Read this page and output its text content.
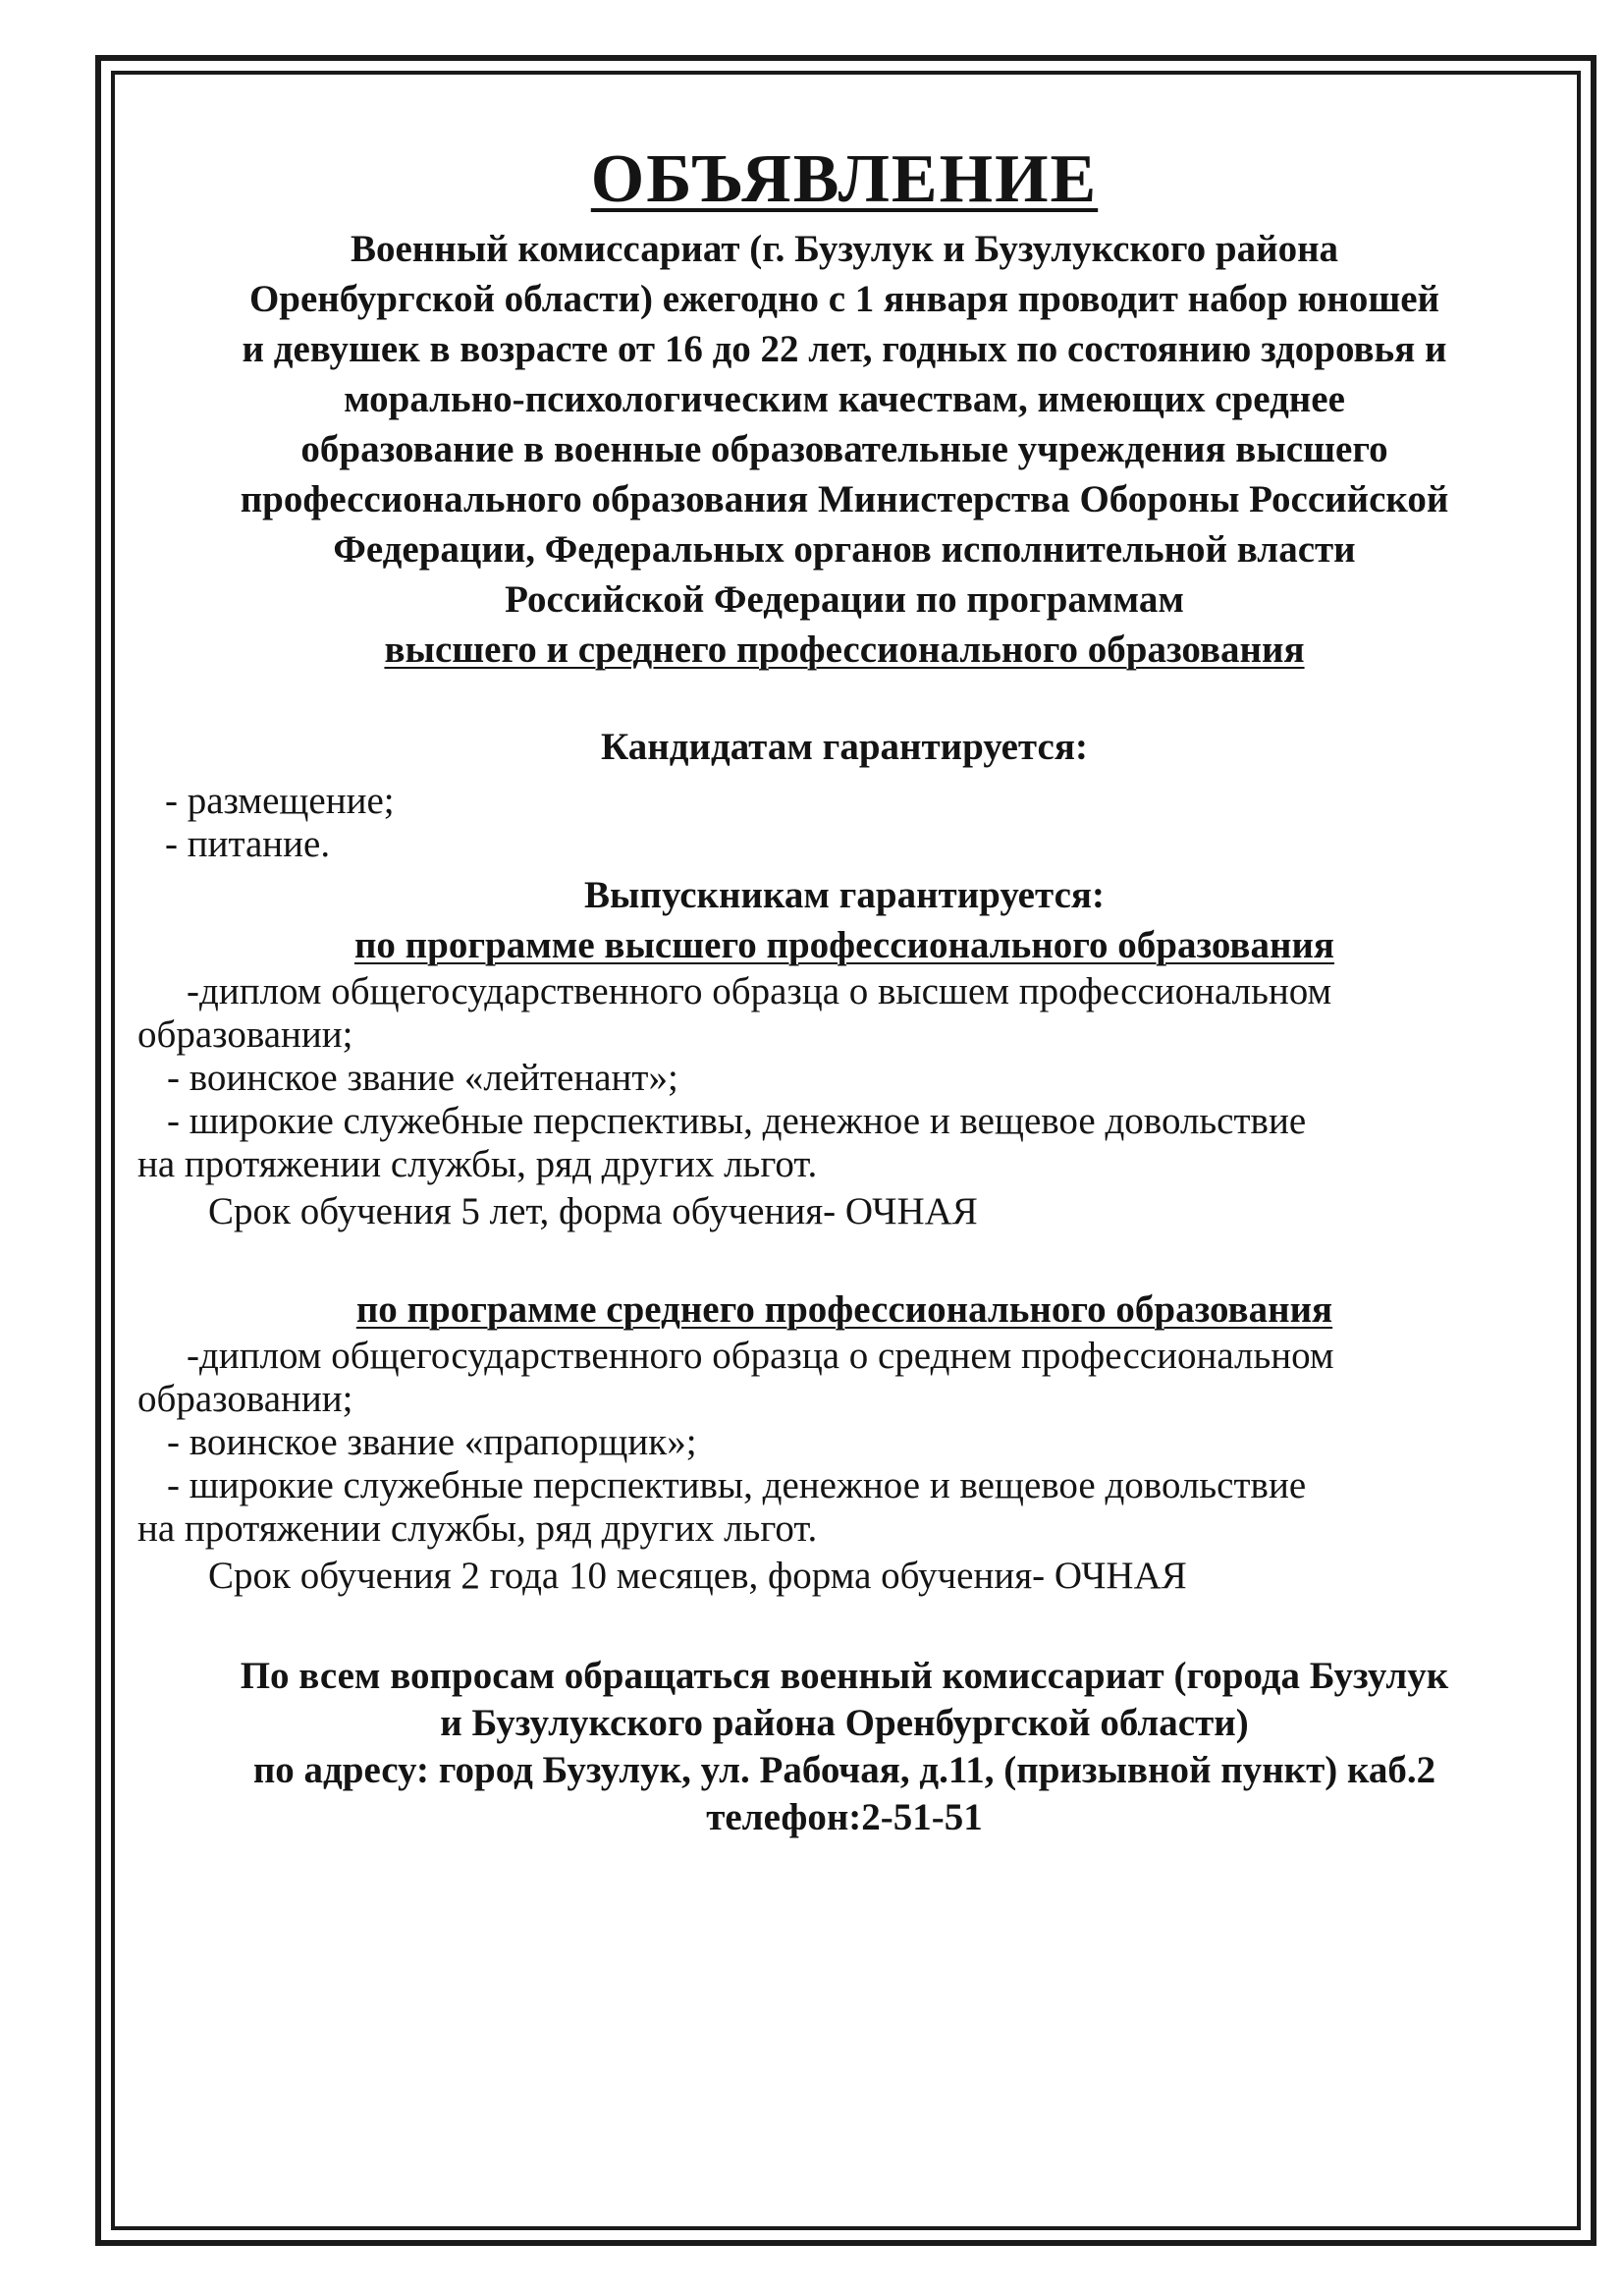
ОБЪЯВЛЕНИЕ

Военный комиссариат (г. Бузулук и Бузулукского района

Оренбургской области) ежегодно с 1 января проводит набор юношей

и девушек в возрасте от 16 до 22 лет, годных по состоянию здоровья и

морально-психологическим качествам, имеющих среднее

образование в военные образовательные учреждения высшего

профессионального образования Министерства Обороны Российской

Федерации, Федеральных органов исполнительной власти

Российской Федерации по программам

высшего и среднего профессионального образования

Кандидатам гарантируется:

- размещение;

- питание.

Выпускникам гарантируется:
по программе высшего профессионального образования

-диплом общегосударственного образца о высшем профессиональном

образовании;

- воинское звание «лейтенант»;

- широкие служебные перспективы, денежное и вещевое довольствие

на протяжении службы, ряд других льгот.

Срок обучения 5 лет, форма обучения- ОЧНАЯ

по программе среднего профессионального образования

-диплом общегосударственного образца о среднем профессиональном

образовании;

- воинское звание «прапорщик»;

- широкие служебные перспективы, денежное и вещевое довольствие

на протяжении службы, ряд других льгот.

Срок обучения 2 года 10 месяцев, форма обучения- ОЧНАЯ

По всем вопросам обращаться военный комиссариат (города Бузулук

и Бузулукского района Оренбургской области)

по адресу: город Бузулук, ул. Рабочая, д.11, (призывной пункт) каб.2

телефон:2-51-51
